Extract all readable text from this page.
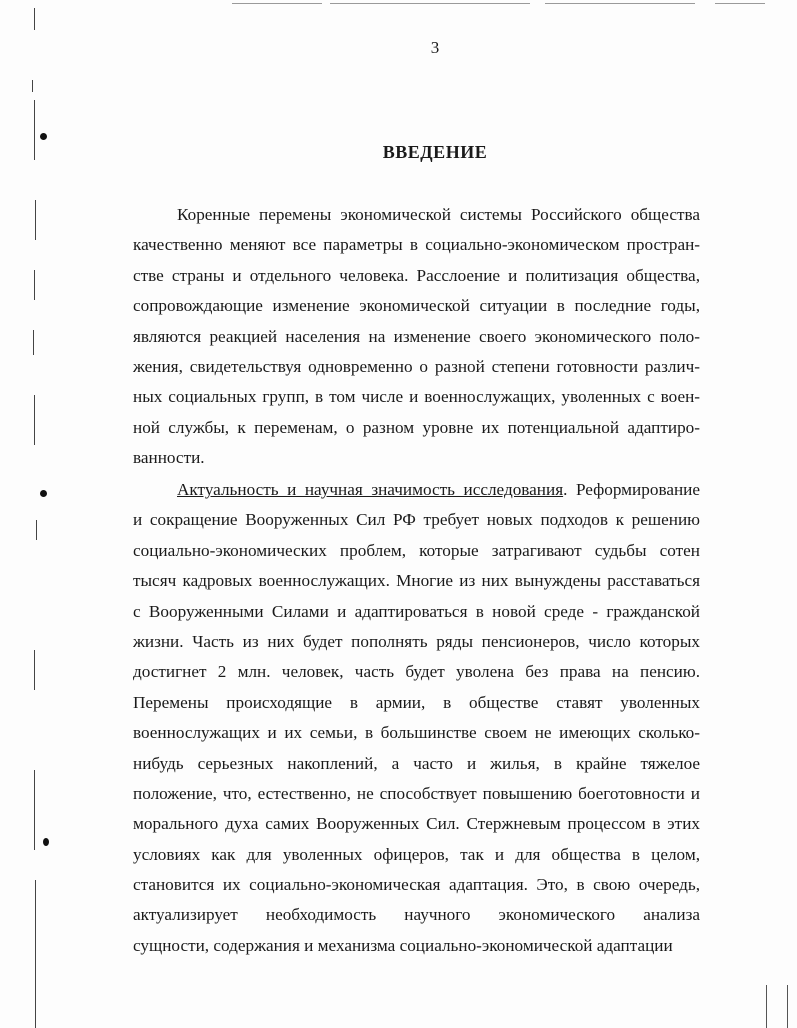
3
ВВЕДЕНИЕ
Коренные перемены экономической системы Российского общества
качественно меняют все параметры в социально-экономическом простран-
стве страны и отдельного человека. Расслоение и политизация общества,
сопровождающие изменение экономической ситуации в последние годы,
являются реакцией населения на изменение своего экономического поло-
жения, свидетельствуя одновременно о разной степени готовности различ-
ных социальных групп, в том числе и военнослужащих, уволенных с воен-
ной службы, к переменам, о разном уровне их потенциальной адаптиро-
ванности.
Актуальность и научная значимость исследования. Реформирование
и сокращение Вооруженных Сил РФ требует новых подходов к решению
социально-экономических проблем, которые затрагивают судьбы сотен
тысяч кадровых военнослужащих. Многие из них вынуждены расставаться
с Вооруженными Силами и адаптироваться в новой среде - гражданской
жизни. Часть из них будет пополнять ряды пенсионеров, число которых
достигнет 2 млн. человек, часть будет уволена без права на пенсию.
Перемены происходящие в армии, в обществе ставят уволенных
военнослужащих и их семьи, в большинстве своем не имеющих сколько-
нибудь серьезных накоплений, а часто и жилья, в крайне тяжелое
положение, что, естественно, не способствует повышению боеготовности и
морального духа самих Вооруженных Сил. Стержневым процессом в этих
условиях как для уволенных офицеров, так и для общества в целом,
становится их социально-экономическая адаптация. Это, в свою очередь,
актуализирует необходимость научного экономического анализа
сущности, содержания и механизма социально-экономической адаптации
